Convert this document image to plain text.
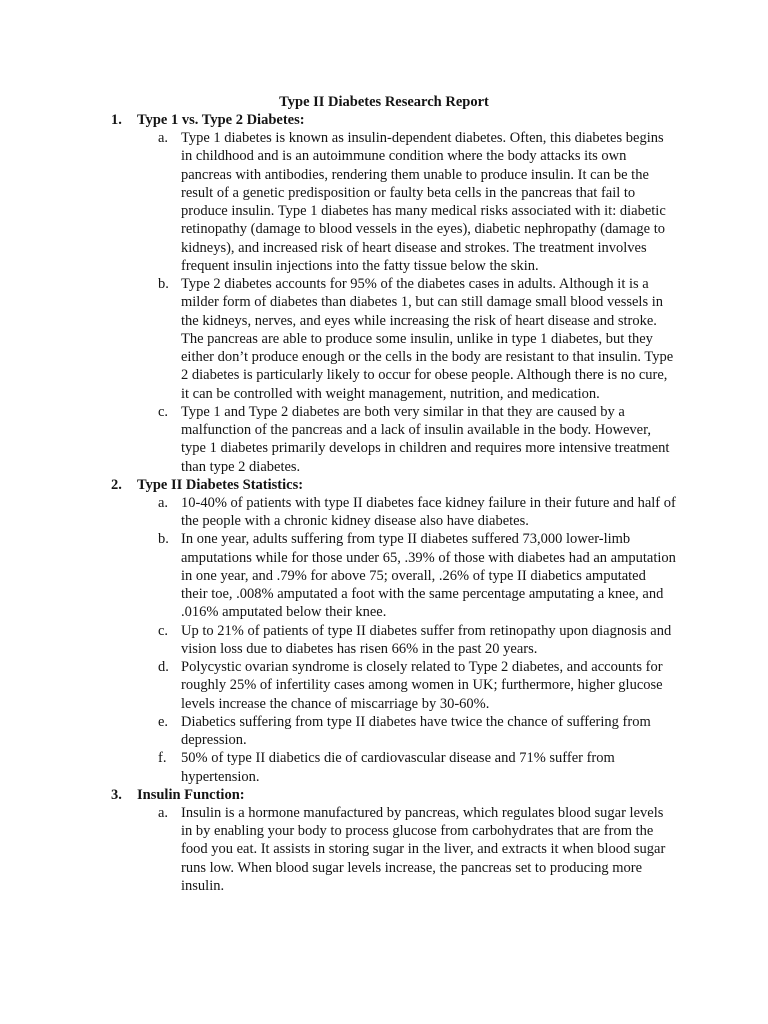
Type II Diabetes Research Report
1. Type 1 vs. Type 2 Diabetes:
a. Type 1 diabetes is known as insulin-dependent diabetes. Often, this diabetes begins in childhood and is an autoimmune condition where the body attacks its own pancreas with antibodies, rendering them unable to produce insulin. It can be the result of a genetic predisposition or faulty beta cells in the pancreas that fail to produce insulin. Type 1 diabetes has many medical risks associated with it: diabetic retinopathy (damage to blood vessels in the eyes), diabetic nephropathy (damage to kidneys), and increased risk of heart disease and strokes. The treatment involves frequent insulin injections into the fatty tissue below the skin.
b. Type 2 diabetes accounts for 95% of the diabetes cases in adults. Although it is a milder form of diabetes than diabetes 1, but can still damage small blood vessels in the kidneys, nerves, and eyes while increasing the risk of heart disease and stroke. The pancreas are able to produce some insulin, unlike in type 1 diabetes, but they either don’t produce enough or the cells in the body are resistant to that insulin. Type 2 diabetes is particularly likely to occur for obese people. Although there is no cure, it can be controlled with weight management, nutrition, and medication.
c. Type 1 and Type 2 diabetes are both very similar in that they are caused by a malfunction of the pancreas and a lack of insulin available in the body. However, type 1 diabetes primarily develops in children and requires more intensive treatment than type 2 diabetes.
2. Type II Diabetes Statistics:
a. 10-40% of patients with type II diabetes face kidney failure in their future and half of the people with a chronic kidney disease also have diabetes.
b. In one year, adults suffering from type II diabetes suffered 73,000 lower-limb amputations while for those under 65, .39% of those with diabetes had an amputation in one year, and .79% for above 75; overall, .26% of type II diabetics amputated their toe, .008% amputated a foot with the same percentage amputating a knee, and .016% amputated below their knee.
c. Up to 21% of patients of type II diabetes suffer from retinopathy upon diagnosis and vision loss due to diabetes has risen 66% in the past 20 years.
d. Polycystic ovarian syndrome is closely related to Type 2 diabetes, and accounts for roughly 25% of infertility cases among women in UK; furthermore, higher glucose levels increase the chance of miscarriage by 30-60%.
e. Diabetics suffering from type II diabetes have twice the chance of suffering from depression.
f. 50% of type II diabetics die of cardiovascular disease and 71% suffer from hypertension.
3. Insulin Function:
a. Insulin is a hormone manufactured by pancreas, which regulates blood sugar levels in by enabling your body to process glucose from carbohydrates that are from the food you eat. It assists in storing sugar in the liver, and extracts it when blood sugar runs low. When blood sugar levels increase, the pancreas set to producing more insulin.
